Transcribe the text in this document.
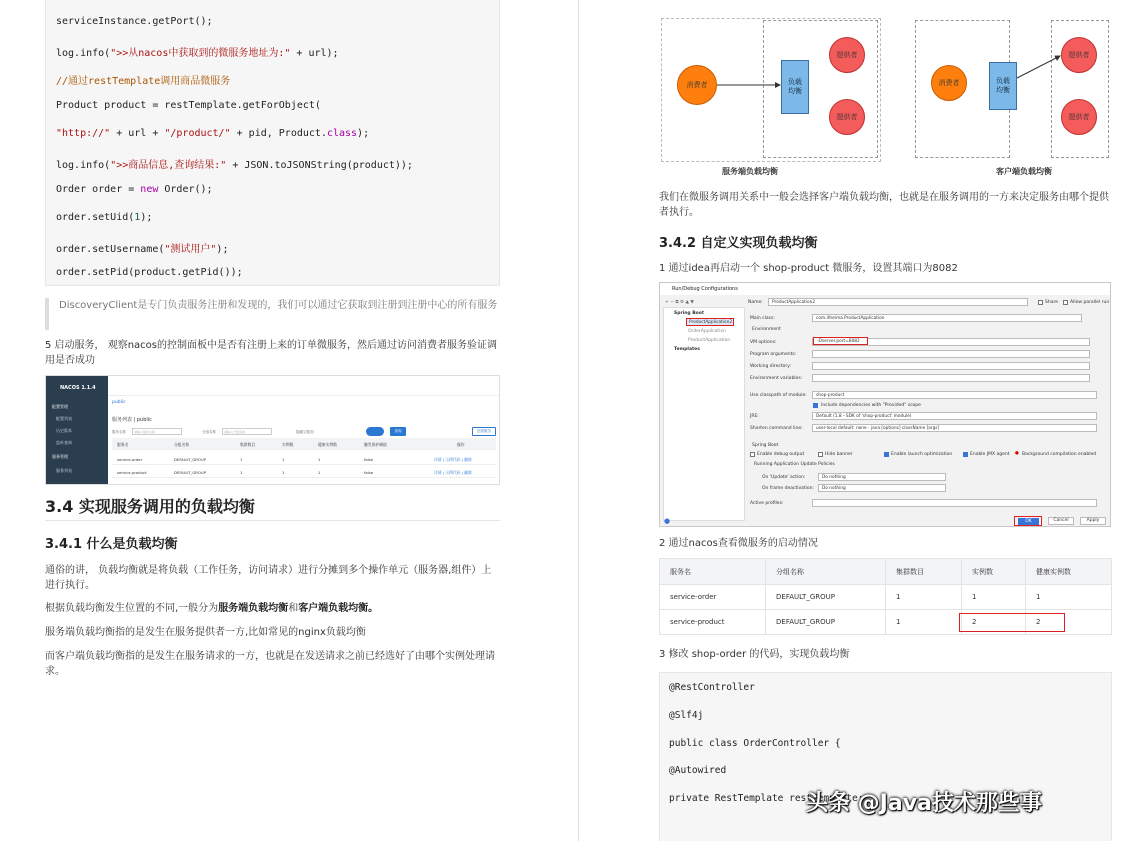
serviceInstance.getPort();
log.info(">>从nacos中获取到的微服务地址为:" + url);
//通过restTemplate调用商品微服务
Product product = restTemplate.getForObject(
"http://" + url + "/product/" + pid, Product.class);
log.info(">>商品信息,查询结果:" + JSON.toJSONString(product));
Order order = new Order();
order.setUid(1);
order.setUsername("测试用户");
order.setPid(product.getPid());
DiscoveryClient是专门负责服务注册和发现的，我们可以通过它获取到注册到注册中心的所有服务
5 启动服务， 观察nacos的控制面板中是否有注册上来的订单微服务，然后通过访问消费者服务验证调用是否成功
NACOS 1.1.4
配置管理
配置列表
历史版本
监听查询
服务管理
服务列表
public
服务列表 | public
服务名称	请输入服务名称	分组名称	请输入分组名称	隐藏空服务:	查询	创建服务
服务名	分组名称	集群数目	实例数	健康实例数	触发保护阈值	操作
service-order	DEFAULT_GROUP	1	1	1	false	详情 | 示例代码 | 删除
service-product	DEFAULT_GROUP	1	1	1	false	详情 | 示例代码 | 删除
3.4 实现服务调用的负载均衡
3.4.1 什么是负载均衡
通俗的讲， 负载均衡就是将负载（工作任务，访问请求）进行分摊到多个操作单元（服务器,组件）上进行执行。
根据负载均衡发生位置的不同,一般分为服务端负载均衡和客户端负载均衡。
服务端负载均衡指的是发生在服务提供者一方,比如常见的nginx负载均衡
而客户端负载均衡指的是发生在服务请求的一方，也就是在发送请求之前已经选好了由哪个实例处理请求。
消费者	负载
均衡
提供者
提供者
消费者	负载
均衡
提供者
提供者
服务端负载均衡	客户端负载均衡
我们在微服务调用关系中一般会选择客户端负载均衡，也就是在服务调用的一方来决定服务由哪个提供者执行。
3.4.2 自定义实现负载均衡
1 通过idea再启动一个 shop-product 微服务，设置其端口为8082
Run/Debug Configurations
+ − ⧉ ⚙ ▲ ▼
Spring Boot
ProductApplication2
OrderApplication
ProductApplication
Templates
Name:	ProductApplication2	Share	Allow parallel run
Main class:	com.itheima.ProductApplication
Environment
VM options:	-Dserver.port=8082
Program arguments:
Working directory:
Environment variables:
Use classpath of module:	shop-product
Include dependencies with "Provided" scope
JRE:	Default (1.8 - SDK of 'shop-product' module)
Shorten command line:	user-local default: none - java [options] className [args]
Spring Boot
Enable debug output	Hide banner	Enable launch optimization	Enable JMX agent ● Background compilation enabled
Running Application Update Policies
On 'Update' action:	Do nothing
On frame deactivation:	Do nothing
Active profiles:
●	OK	Cancel	Apply
2 通过nacos查看微服务的启动情况
服务名	分组名称	集群数目	实例数	健康实例数
service-order	DEFAULT_GROUP	1	1	1
service-product	DEFAULT_GROUP	1	2	2
3 修改 shop-order 的代码，实现负载均衡
@RestController
@Slf4j
public class OrderController {
@Autowired
private RestTemplate restTemplate;
头条 @Java技术那些事
